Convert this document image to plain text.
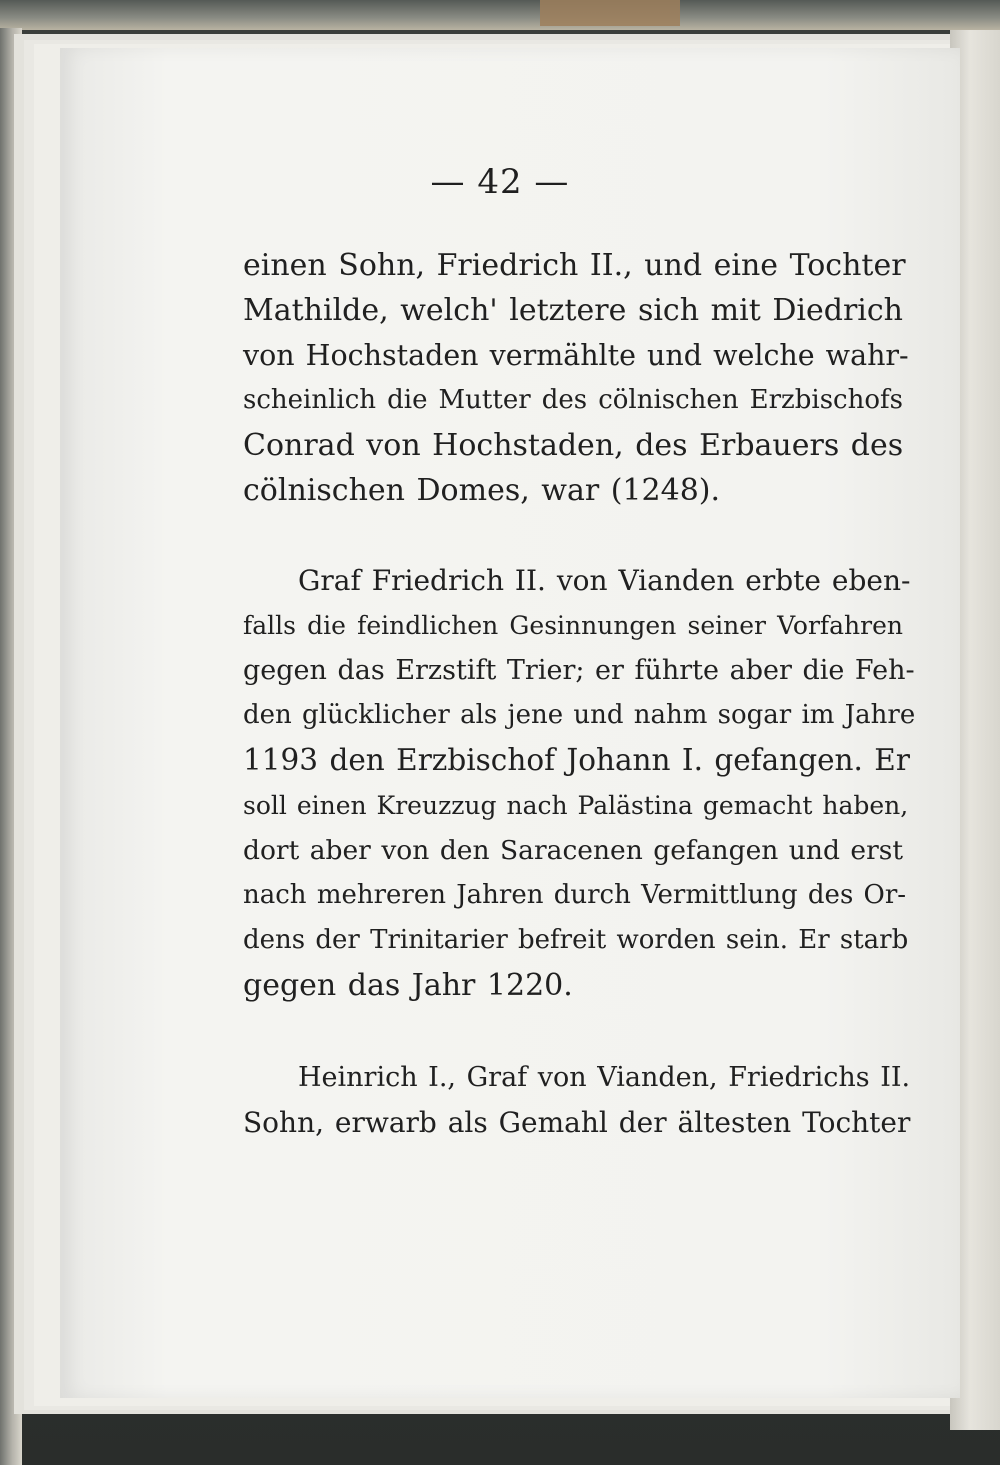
— 42 —
einen Sohn, Friedrich II., und eine Tochter
Mathilde, welch' letztere sich mit Diedrich
von Hochstaden vermählte und welche wahr-
scheinlich die Mutter des cölnischen Erzbischofs
Conrad von Hochstaden, des Erbauers des
cölnischen Domes, war (1248).
Graf Friedrich II. von Vianden erbte eben-
falls die feindlichen Gesinnungen seiner Vorfahren
gegen das Erzstift Trier; er führte aber die Feh-
den glücklicher als jene und nahm sogar im Jahre
1193 den Erzbischof Johann I. gefangen. Er
soll einen Kreuzzug nach Palästina gemacht haben,
dort aber von den Saracenen gefangen und erst
nach mehreren Jahren durch Vermittlung des Or-
dens der Trinitarier befreit worden sein. Er starb
gegen das Jahr 1220.
Heinrich I., Graf von Vianden, Friedrichs II.
Sohn, erwarb als Gemahl der ältesten Tochter
